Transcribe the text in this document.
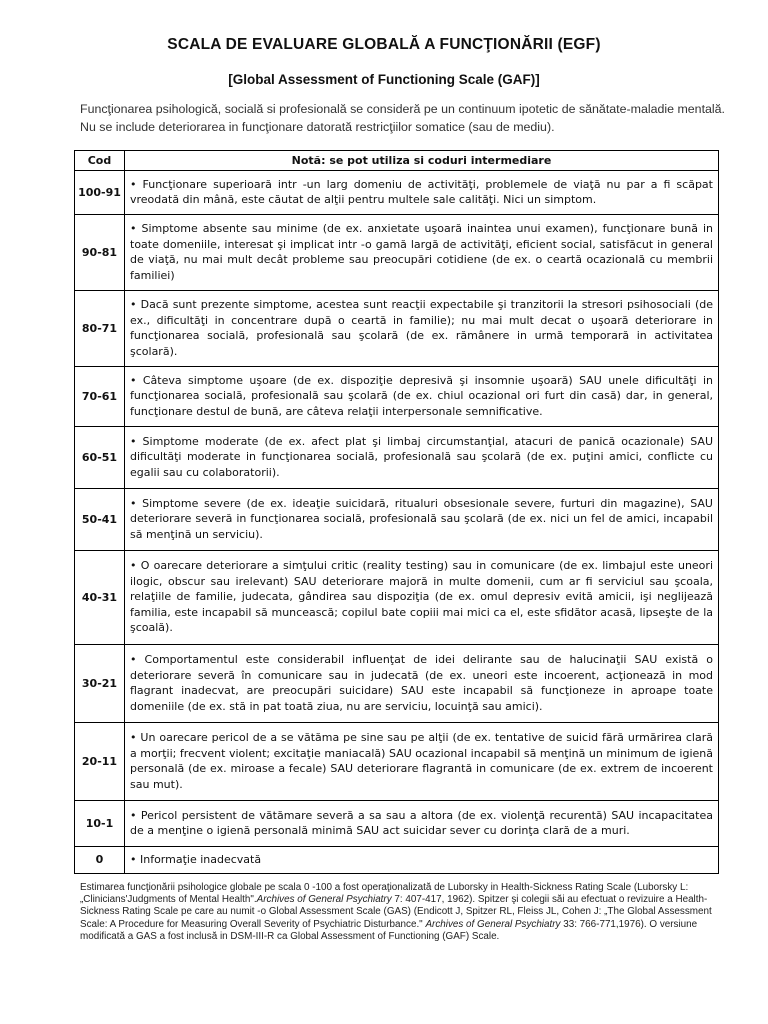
SCALA DE EVALUARE GLOBALĂ A FUNCŢIONĂRII (EGF)
[Global Assessment of Functioning Scale (GAF)]
Funcţionarea psihologică, socială si profesională se consideră pe un continuum ipotetic de sănătate-maladie mentală. Nu se include deteriorarea in funcţionare datorată restricţiilor somatice (sau de mediu).
Cod	Notă: se pot utiliza si coduri intermediare
100-91	• Funcţionare superioară intr -un larg domeniu de activităţi, problemele de viaţă nu par a fi scăpat vreodată din mână, este căutat de alţii pentru multele sale calităţi. Nici un simptom.
90-81	• Simptome absente sau minime (de ex. anxietate uşoară inaintea unui examen), funcţionare bună in toate domeniile, interesat şi implicat intr -o gamă largă de activităţi, eficient social, satisfăcut in general de viaţă, nu mai mult decât probleme sau preocupări cotidiene (de ex. o ceartă ocazională cu membrii familiei)
80-71	• Dacă sunt prezente simptome, acestea sunt reacţii expectabile şi tranzitorii la stresori psihosociali (de ex., dificultăţi in concentrare după o ceartă in familie); nu mai mult decat o uşoară deteriorare in funcţionarea socială, profesională sau şcolară (de ex. rămânere in urmă temporară in activitatea şcolară).
70-61	• Câteva simptome uşoare (de ex. dispoziţie depresivă şi insomnie uşoară) SAU unele dificultăţi in funcţionarea socială, profesională sau şcolară (de ex. chiul ocazional ori furt din casă) dar, in general, funcţionare destul de bună, are câteva relaţii interpersonale semnificative.
60-51	• Simptome moderate (de ex. afect plat şi limbaj circumstanţial, atacuri de panică ocazionale) SAU dificultăţi moderate in funcţionarea socială, profesională sau şcolară (de ex. puţini amici, conflicte cu egalii sau cu colaboratorii).
50-41	• Simptome severe (de ex. ideaţie suicidară, ritualuri obsesionale severe, furturi din magazine), SAU deteriorare severă in funcţionarea socială, profesională sau şcolară (de ex. nici un fel de amici, incapabil să menţină un serviciu).
40-31	• O oarecare deteriorare a simţului critic (reality testing) sau in comunicare (de ex. limbajul este uneori ilogic, obscur sau irelevant) SAU deteriorare majoră in multe domenii, cum ar fi serviciul sau şcoala, relaţiile de familie, judecata, gândirea sau dispoziţia (de ex. omul depresiv evită amicii, işi neglijează familia, este incapabil să muncească; copilul bate copiii mai mici ca el, este sfidător acasă, lipseşte de la şcoală).
30-21	• Comportamentul este considerabil influenţat de idei delirante sau de halucinaţii SAU există o deteriorare severă în comunicare sau in judecată (de ex. uneori este incoerent, acţionează in mod flagrant inadecvat, are preocupări suicidare) SAU este incapabil să funcţioneze in aproape toate domeniile (de ex. stă in pat toată ziua, nu are serviciu, locuinţă sau amici).
20-11	• Un oarecare pericol de a se vătăma pe sine sau pe alţii (de ex. tentative de suicid fără urmărirea clară a morţii; frecvent violent; excitaţie maniacală) SAU ocazional incapabil să menţină un minimum de igienă personală (de ex. miroase a fecale) SAU deteriorare flagrantă in comunicare (de ex. extrem de incoerent sau mut).
10-1	• Pericol persistent de vătămare severă a sa sau a altora (de ex. violenţă recurentă) SAU incapacitatea de a menţine o igienă personală minimă SAU act suicidar sever cu dorinţa clară de a muri.
0	• Informaţie inadecvată
Estimarea funcţionării psihologice globale pe scala 0 -100 a fost operaţionalizată de Luborsky in Health-Sickness Rating Scale (Luborsky L: „Clinicians'Judgments of Mental Health".Archives of General Psychiatry 7: 407-417, 1962). Spitzer şi colegii săi au efectuat o revizuire a Health-Sickness Rating Scale pe care au numit -o Global Assessment Scale (GAS) (Endicott J, Spitzer RL, Fleiss JL, Cohen J: „The Global Assessment Scale: A Procedure for Measuring Overall Severity of Psychiatric Disturbance." Archives of General Psychiatry 33: 766-771,1976). O versiune modificată a GAS a fost inclusă in DSM-III-R ca Global Assessment of Functioning (GAF) Scale.
